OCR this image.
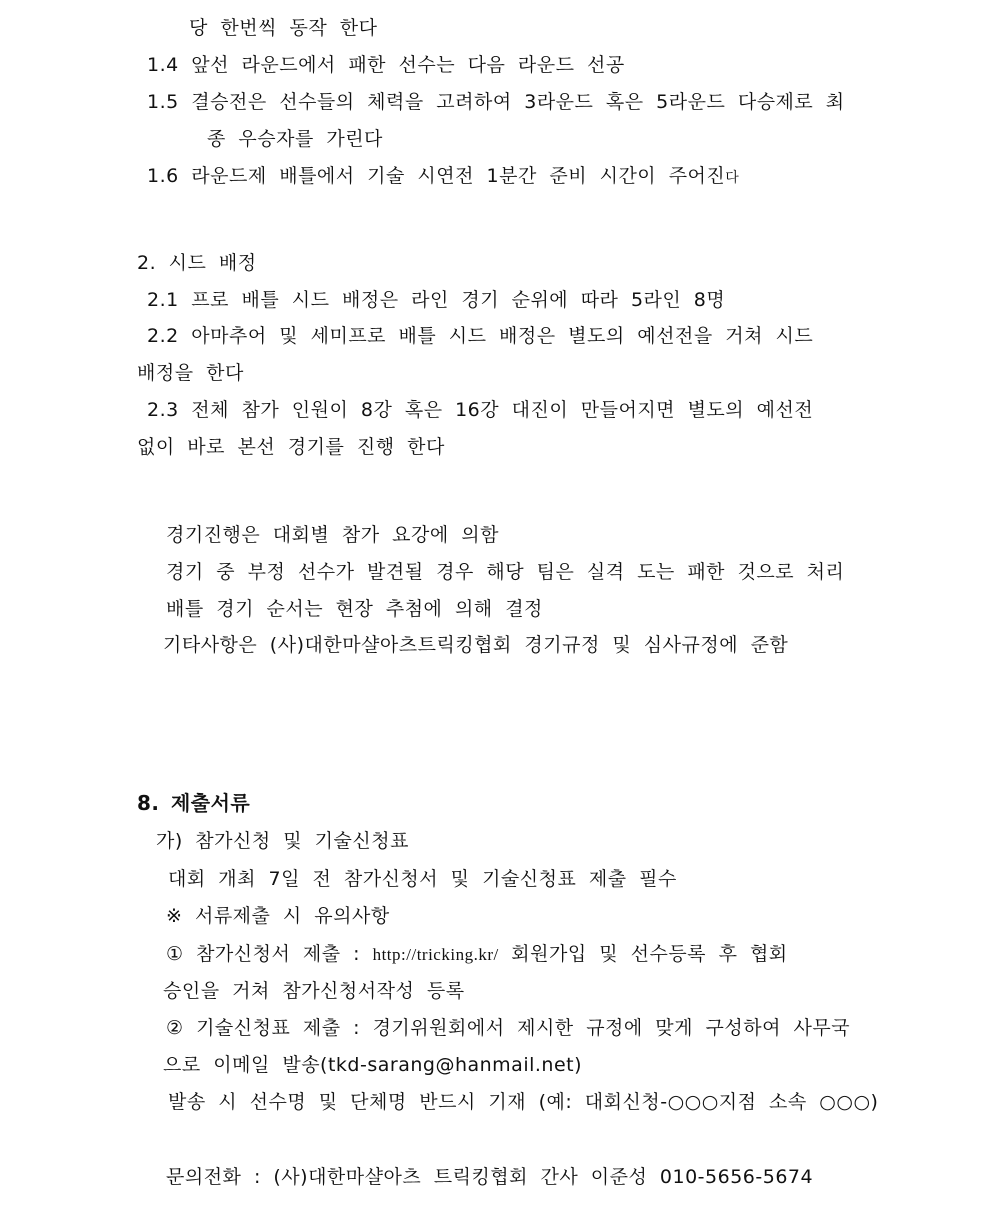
당 한번씩 동작 한다
1.4 앞선 라운드에서 패한 선수는 다음 라운드 선공
1.5 결승전은 선수들의 체력을 고려하여 3라운드 혹은 5라운드 다승제로 최
종 우승자를 가린다
1.6 라운드제 배틀에서 기술 시연전 1분간 준비 시간이 주어진다
2. 시드 배정
2.1 프로 배틀 시드 배정은 라인 경기 순위에 따라 5라인 8명
2.2 아마추어 및 세미프로 배틀 시드 배정은 별도의 예선전을 거쳐 시드
배정을 한다
2.3 전체 참가 인원이 8강 혹은 16강 대진이 만들어지면 별도의 예선전
없이 바로 본선 경기를 진행 한다
경기진행은 대회별 참가 요강에 의함
경기 중 부정 선수가 발견될 경우 해당 팀은 실격 도는 패한 것으로 처리
배틀 경기 순서는 현장 추첨에 의해 결정
기타사항은 (사)대한마샬아츠트릭킹협회 경기규정 및 심사규정에 준함
8. 제출서류
가) 참가신청 및 기술신청표
대회 개최 7일 전 참가신청서 및 기술신청표 제출 필수
※ 서류제출 시 유의사항
① 참가신청서 제출 : http://tricking.kr/ 회원가입 및 선수등록 후 협회
승인을 거쳐 참가신청서작성 등록
② 기술신청표 제출 : 경기위원회에서 제시한 규정에 맞게 구성하여 사무국
으로 이메일 발송(tkd-sarang@hanmail.net)
발송 시 선수명 및 단체명 반드시 기재 (예: 대회신청-○○○지점 소속 ○○○)
문의전화 : (사)대한마샬아츠 트릭킹협회 간사 이준성 010-5656-5674
